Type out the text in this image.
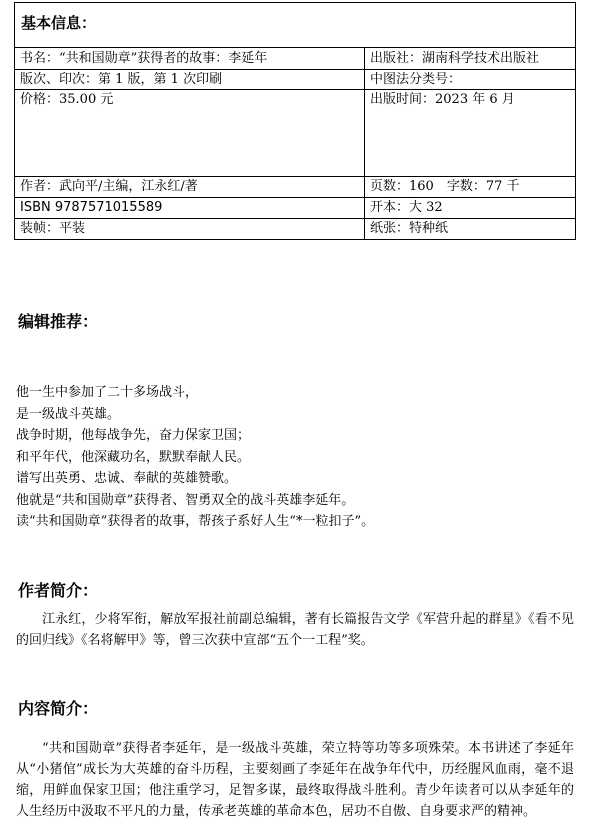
基本信息：	
书名：“共和国勋章”获得者的故事：李延年	出版社：湖南科学技术出版社
版次、印次：第 1 版，第 1 次印刷	中图法分类号：
价格：35.00 元	出版时间：2023 年 6 月
作者：武向平/主编，江永红/著	页数：160　字数：77 千
ISBN 9787571015589	开本：大 32
装帧：平装	纸张：特种纸
编辑推荐：
他一生中参加了二十多场战斗，
是一级战斗英雄。
战争时期，他每战争先，奋力保家卫国；
和平年代，他深藏功名，默默奉献人民。
谱写出英勇、忠诚、奉献的英雄赞歌。
他就是“共和国勋章”获得者、智勇双全的战斗英雄李延年。
读“共和国勋章”获得者的故事，帮孩子系好人生“*一粒扣子”。
作者简介：

江永红，少将军衔，解放军报社前副总编辑，著有长篇报告文学《军营升起的群星》《看不见的回归线》《名将解甲》等，曾三次获中宣部“五个一工程”奖。

内容简介：

“共和国勋章”获得者李延年，是一级战斗英雄，荣立特等功等多项殊荣。本书讲述了李延年从“小猪倌”成长为大英雄的奋斗历程，主要刻画了李延年在战争年代中，历经腥风血雨，毫不退缩，用鲜血保家卫国；他注重学习，足智多谋，最终取得战斗胜利。青少年读者可以从李延年的人生经历中汲取不平凡的力量，传承老英雄的革命本色，居功不自傲、自身要求严的精神。
